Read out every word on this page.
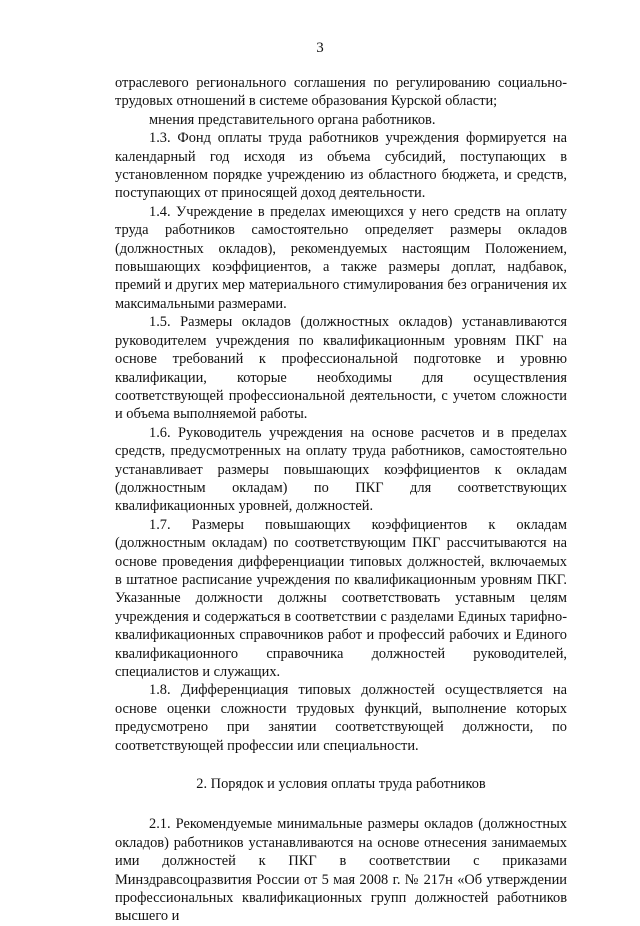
3

отраслевого регионального соглашения по регулированию социально-трудовых отношений в системе образования Курской области;

мнения представительного органа работников.

1.3. Фонд оплаты труда работников учреждения формируется на календарный год исходя из объема субсидий, поступающих в установленном порядке учреждению из областного бюджета, и средств, поступающих от приносящей доход деятельности.

1.4. Учреждение в пределах имеющихся у него средств на оплату труда работников самостоятельно определяет размеры окладов (должностных окладов), рекомендуемых настоящим Положением, повышающих коэффициентов, а также размеры доплат, надбавок, премий и других мер материального стимулирования без ограничения их максимальными размерами.

1.5. Размеры окладов (должностных окладов) устанавливаются руководителем учреждения по квалификационным уровням ПКГ на основе требований к профессиональной подготовке и уровню квалификации, которые необходимы для осуществления соответствующей профессиональной деятельности, с учетом сложности и объема выполняемой работы.

1.6. Руководитель учреждения на основе расчетов и в пределах средств, предусмотренных на оплату труда работников, самостоятельно устанавливает размеры повышающих коэффициентов к окладам (должностным окладам) по ПКГ для соответствующих квалификационных уровней, должностей.

1.7. Размеры повышающих коэффициентов к окладам (должностным окладам) по соответствующим ПКГ рассчитываются на основе проведения дифференциации типовых должностей, включаемых в штатное расписание учреждения по квалификационным уровням ПКГ. Указанные должности должны соответствовать уставным целям учреждения и содержаться в соответствии с разделами Единых тарифно-квалификационных справочников работ и профессий рабочих и Единого квалификационного справочника должностей руководителей, специалистов и служащих.

1.8. Дифференциация типовых должностей осуществляется на основе оценки сложности трудовых функций, выполнение которых предусмотрено при занятии соответствующей должности, по соответствующей профессии или специальности.

2. Порядок и условия оплаты труда работников

2.1. Рекомендуемые минимальные размеры окладов (должностных окладов) работников устанавливаются на основе отнесения занимаемых ими должностей к ПКГ в соответствии с приказами Минздравсоцразвития России от 5 мая 2008 г. № 217н «Об утверждении профессиональных квалификационных групп должностей работников высшего и
